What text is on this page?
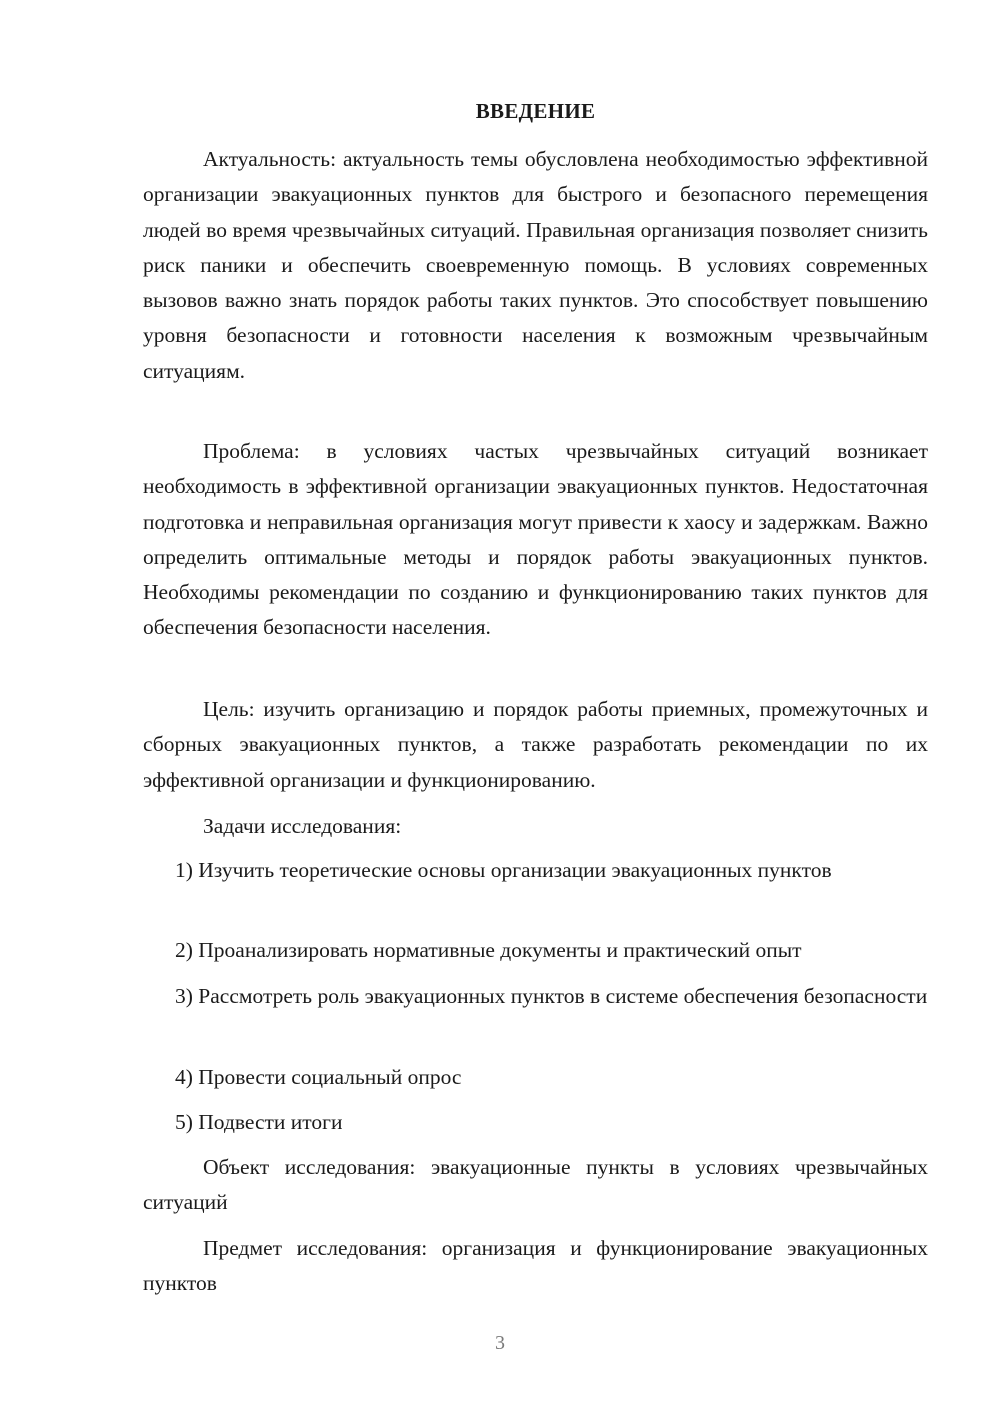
ВВЕДЕНИЕ

Актуальность: актуальность темы обусловлена необходимостью эффективной организации эвакуационных пунктов для быстрого и безопасного перемещения людей во время чрезвычайных ситуаций. Правильная организация позволяет снизить риск паники и обеспечить своевременную помощь. В условиях современных вызовов важно знать порядок работы таких пунктов. Это способствует повышению уровня безопасности и готовности населения к возможным чрезвычайным ситуациям.

Проблема: в условиях частых чрезвычайных ситуаций возникает необходимость в эффективной организации эвакуационных пунктов. Недостаточная подготовка и неправильная организация могут привести к хаосу и задержкам. Важно определить оптимальные методы и порядок работы эвакуационных пунктов. Необходимы рекомендации по созданию и функционированию таких пунктов для обеспечения безопасности населения.

Цель: изучить организацию и порядок работы приемных, промежуточных и сборных эвакуационных пунктов, а также разработать рекомендации по их эффективной организации и функционированию.

Задачи исследования:

1) Изучить теоретические основы организации эвакуационных пунктов

2) Проанализировать нормативные документы и практический опыт

3) Рассмотреть роль эвакуационных пунктов в системе обеспечения безопасности

4) Провести социальный опрос

5) Подвести итоги

Объект исследования: эвакуационные пункты в условиях чрезвычайных ситуаций

Предмет исследования: организация и функционирование эвакуационных пунктов

3
